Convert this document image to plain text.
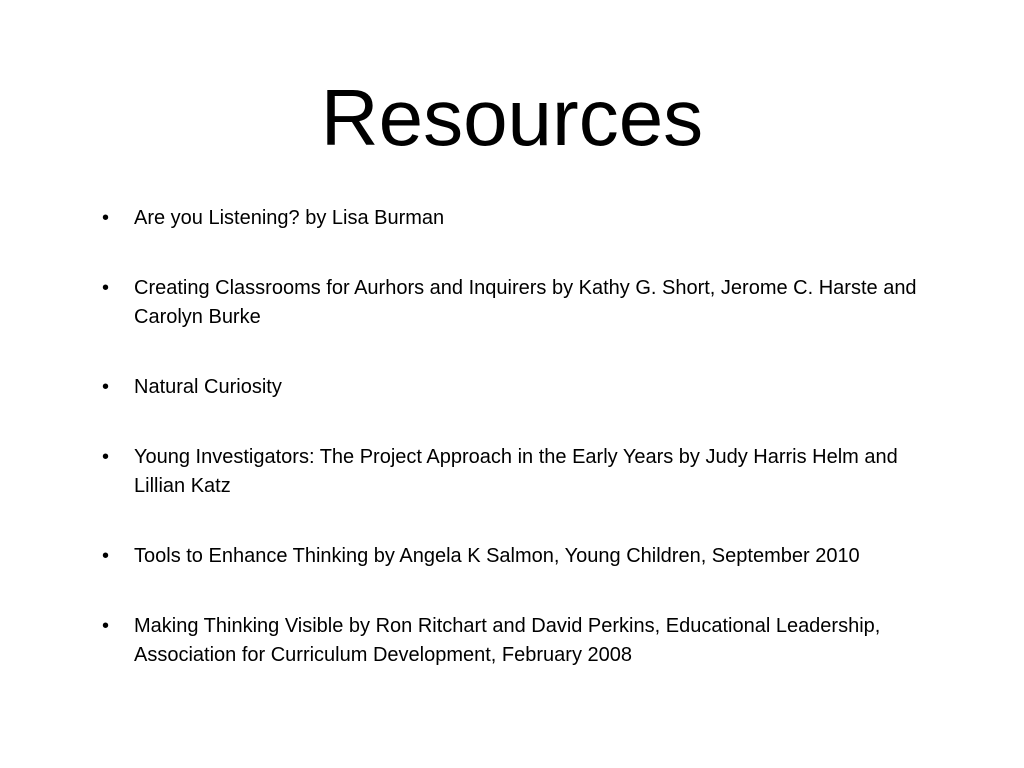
Resources
•	Are you Listening? by Lisa Burman
•	Creating Classrooms for Aurhors and Inquirers by Kathy G. Short, Jerome C. Harste and Carolyn Burke
•	Natural Curiosity
•	Young Investigators: The Project Approach in the Early Years by Judy Harris Helm and Lillian Katz
•	Tools to Enhance Thinking by Angela K Salmon, Young Children, September 2010
•	Making Thinking Visible by Ron Ritchart and David Perkins, Educational Leadership, Association for Curriculum Development, February 2008
